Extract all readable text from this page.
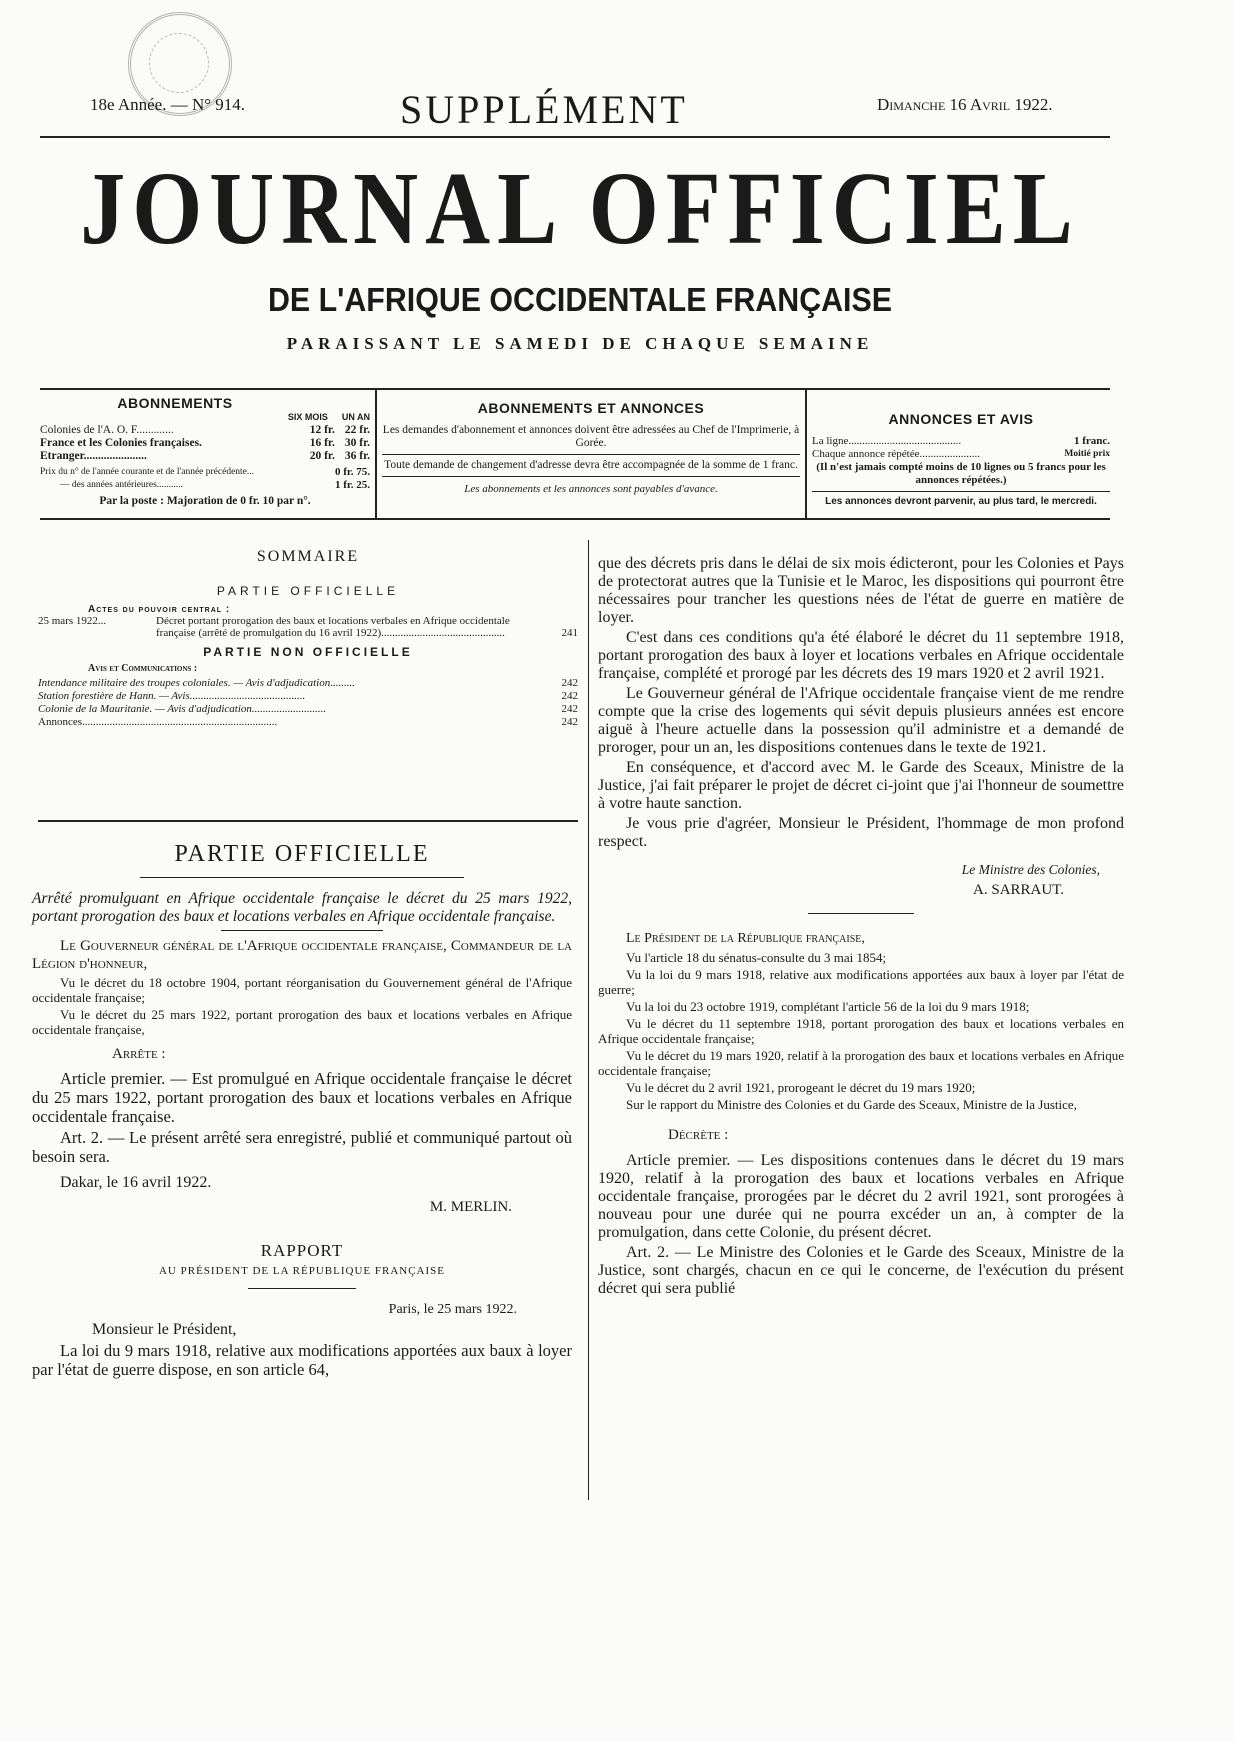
18e Année. — N° 914.	SUPPLÉMENT	Dimanche 16 Avril 1922.
JOURNAL OFFICIEL
DE L'AFRIQUE OCCIDENTALE FRANÇAISE
PARAISSANT LE SAMEDI DE CHAQUE SEMAINE
ABONNEMENTS
SIX MOIS UN AN
Colonies de l'A. O. F.............	12 fr. 22 fr.
France et les Colonies françaises.	16 fr. 30 fr.
Etranger......................	20 fr. 36 fr.
Prix du n° de l'année courante et de l'année précédente...	0 fr. 75.
— des années antérieures...........	1 fr. 25.
Par la poste : Majoration de 0 fr. 10 par n°.
ABONNEMENTS ET ANNONCES
Les demandes d'abonnement et annonces doivent être adressées au Chef de l'Imprimerie, à Gorée.
Toute demande de changement d'adresse devra être accompagnée de la somme de 1 franc.
Les abonnements et les annonces sont payables d'avance.
ANNONCES ET AVIS
La ligne.........................................	1 franc.
Chaque annonce répétée......................	Moitié prix
(Il n'est jamais compté moins de 10 lignes ou 5 francs pour les annonces répétées.)
Les annonces devront parvenir, au plus tard, le mercredi.
SOMMAIRE
PARTIE OFFICIELLE
Actes du pouvoir central :
25 mars 1922...	Décret portant prorogation des baux et locations verbales en Afrique occidentale française (arrêté de promulgation du 16 avril 1922).............................................	241
PARTIE NON OFFICIELLE
Avis et Communications :
Intendance militaire des troupes coloniales. — Avis d'adjudication.........	242
Station forestière de Hann. — Avis..........................................	242
Colonie de la Mauritanie. — Avis d'adjudication...........................	242
Annonces.......................................................................	242
PARTIE OFFICIELLE

Arrêté promulguant en Afrique occidentale française le décret du 25 mars 1922, portant prorogation des baux et locations verbales en Afrique occidentale française.

Le Gouverneur général de l'Afrique occidentale française, Commandeur de la Légion d'honneur,

Vu le décret du 18 octobre 1904, portant réorganisation du Gouvernement général de l'Afrique occidentale française;

Vu le décret du 25 mars 1922, portant prorogation des baux et locations verbales en Afrique occidentale française,

Arrête :

Article premier. — Est promulgué en Afrique occidentale française le décret du 25 mars 1922, portant prorogation des baux et locations verbales en Afrique occidentale française.

Art. 2. — Le présent arrêté sera enregistré, publié et communiqué partout où besoin sera.

Dakar, le 16 avril 1922.

M. MERLIN.
RAPPORT
AU PRÉSIDENT DE LA RÉPUBLIQUE FRANÇAISE
Paris, le 25 mars 1922.

Monsieur le Président,

La loi du 9 mars 1918, relative aux modifications apportées aux baux à loyer par l'état de guerre dispose, en son article 64,

que des décrets pris dans le délai de six mois édicteront, pour les Colonies et Pays de protectorat autres que la Tunisie et le Maroc, les dispositions qui pourront être nécessaires pour trancher les questions nées de l'état de guerre en matière de loyer.

C'est dans ces conditions qu'a été élaboré le décret du 11 septembre 1918, portant prorogation des baux à loyer et locations verbales en Afrique occidentale française, complété et prorogé par les décrets des 19 mars 1920 et 2 avril 1921.

Le Gouverneur général de l'Afrique occidentale française vient de me rendre compte que la crise des logements qui sévit depuis plusieurs années est encore aiguë à l'heure actuelle dans la possession qu'il administre et a demandé de proroger, pour un an, les dispositions contenues dans le texte de 1921.

En conséquence, et d'accord avec M. le Garde des Sceaux, Ministre de la Justice, j'ai fait préparer le projet de décret ci-joint que j'ai l'honneur de soumettre à votre haute sanction.

Je vous prie d'agréer, Monsieur le Président, l'hommage de mon profond respect.

Le Ministre des Colonies,
A. SARRAUT.

Le Président de la République française,

Vu l'article 18 du sénatus-consulte du 3 mai 1854;

Vu la loi du 9 mars 1918, relative aux modifications apportées aux baux à loyer par l'état de guerre;

Vu la loi du 23 octobre 1919, complétant l'article 56 de la loi du 9 mars 1918;

Vu le décret du 11 septembre 1918, portant prorogation des baux et locations verbales en Afrique occidentale française;

Vu le décret du 19 mars 1920, relatif à la prorogation des baux et locations verbales en Afrique occidentale française;

Vu le décret du 2 avril 1921, prorogeant le décret du 19 mars 1920;

Sur le rapport du Ministre des Colonies et du Garde des Sceaux, Ministre de la Justice,

Décrète :

Article premier. — Les dispositions contenues dans le décret du 19 mars 1920, relatif à la prorogation des baux et locations verbales en Afrique occidentale française, prorogées par le décret du 2 avril 1921, sont prorogées à nouveau pour une durée qui ne pourra excéder un an, à compter de la promulgation, dans cette Colonie, du présent décret.

Art. 2. — Le Ministre des Colonies et le Garde des Sceaux, Ministre de la Justice, sont chargés, chacun en ce qui le concerne, de l'exécution du présent décret qui sera publié
